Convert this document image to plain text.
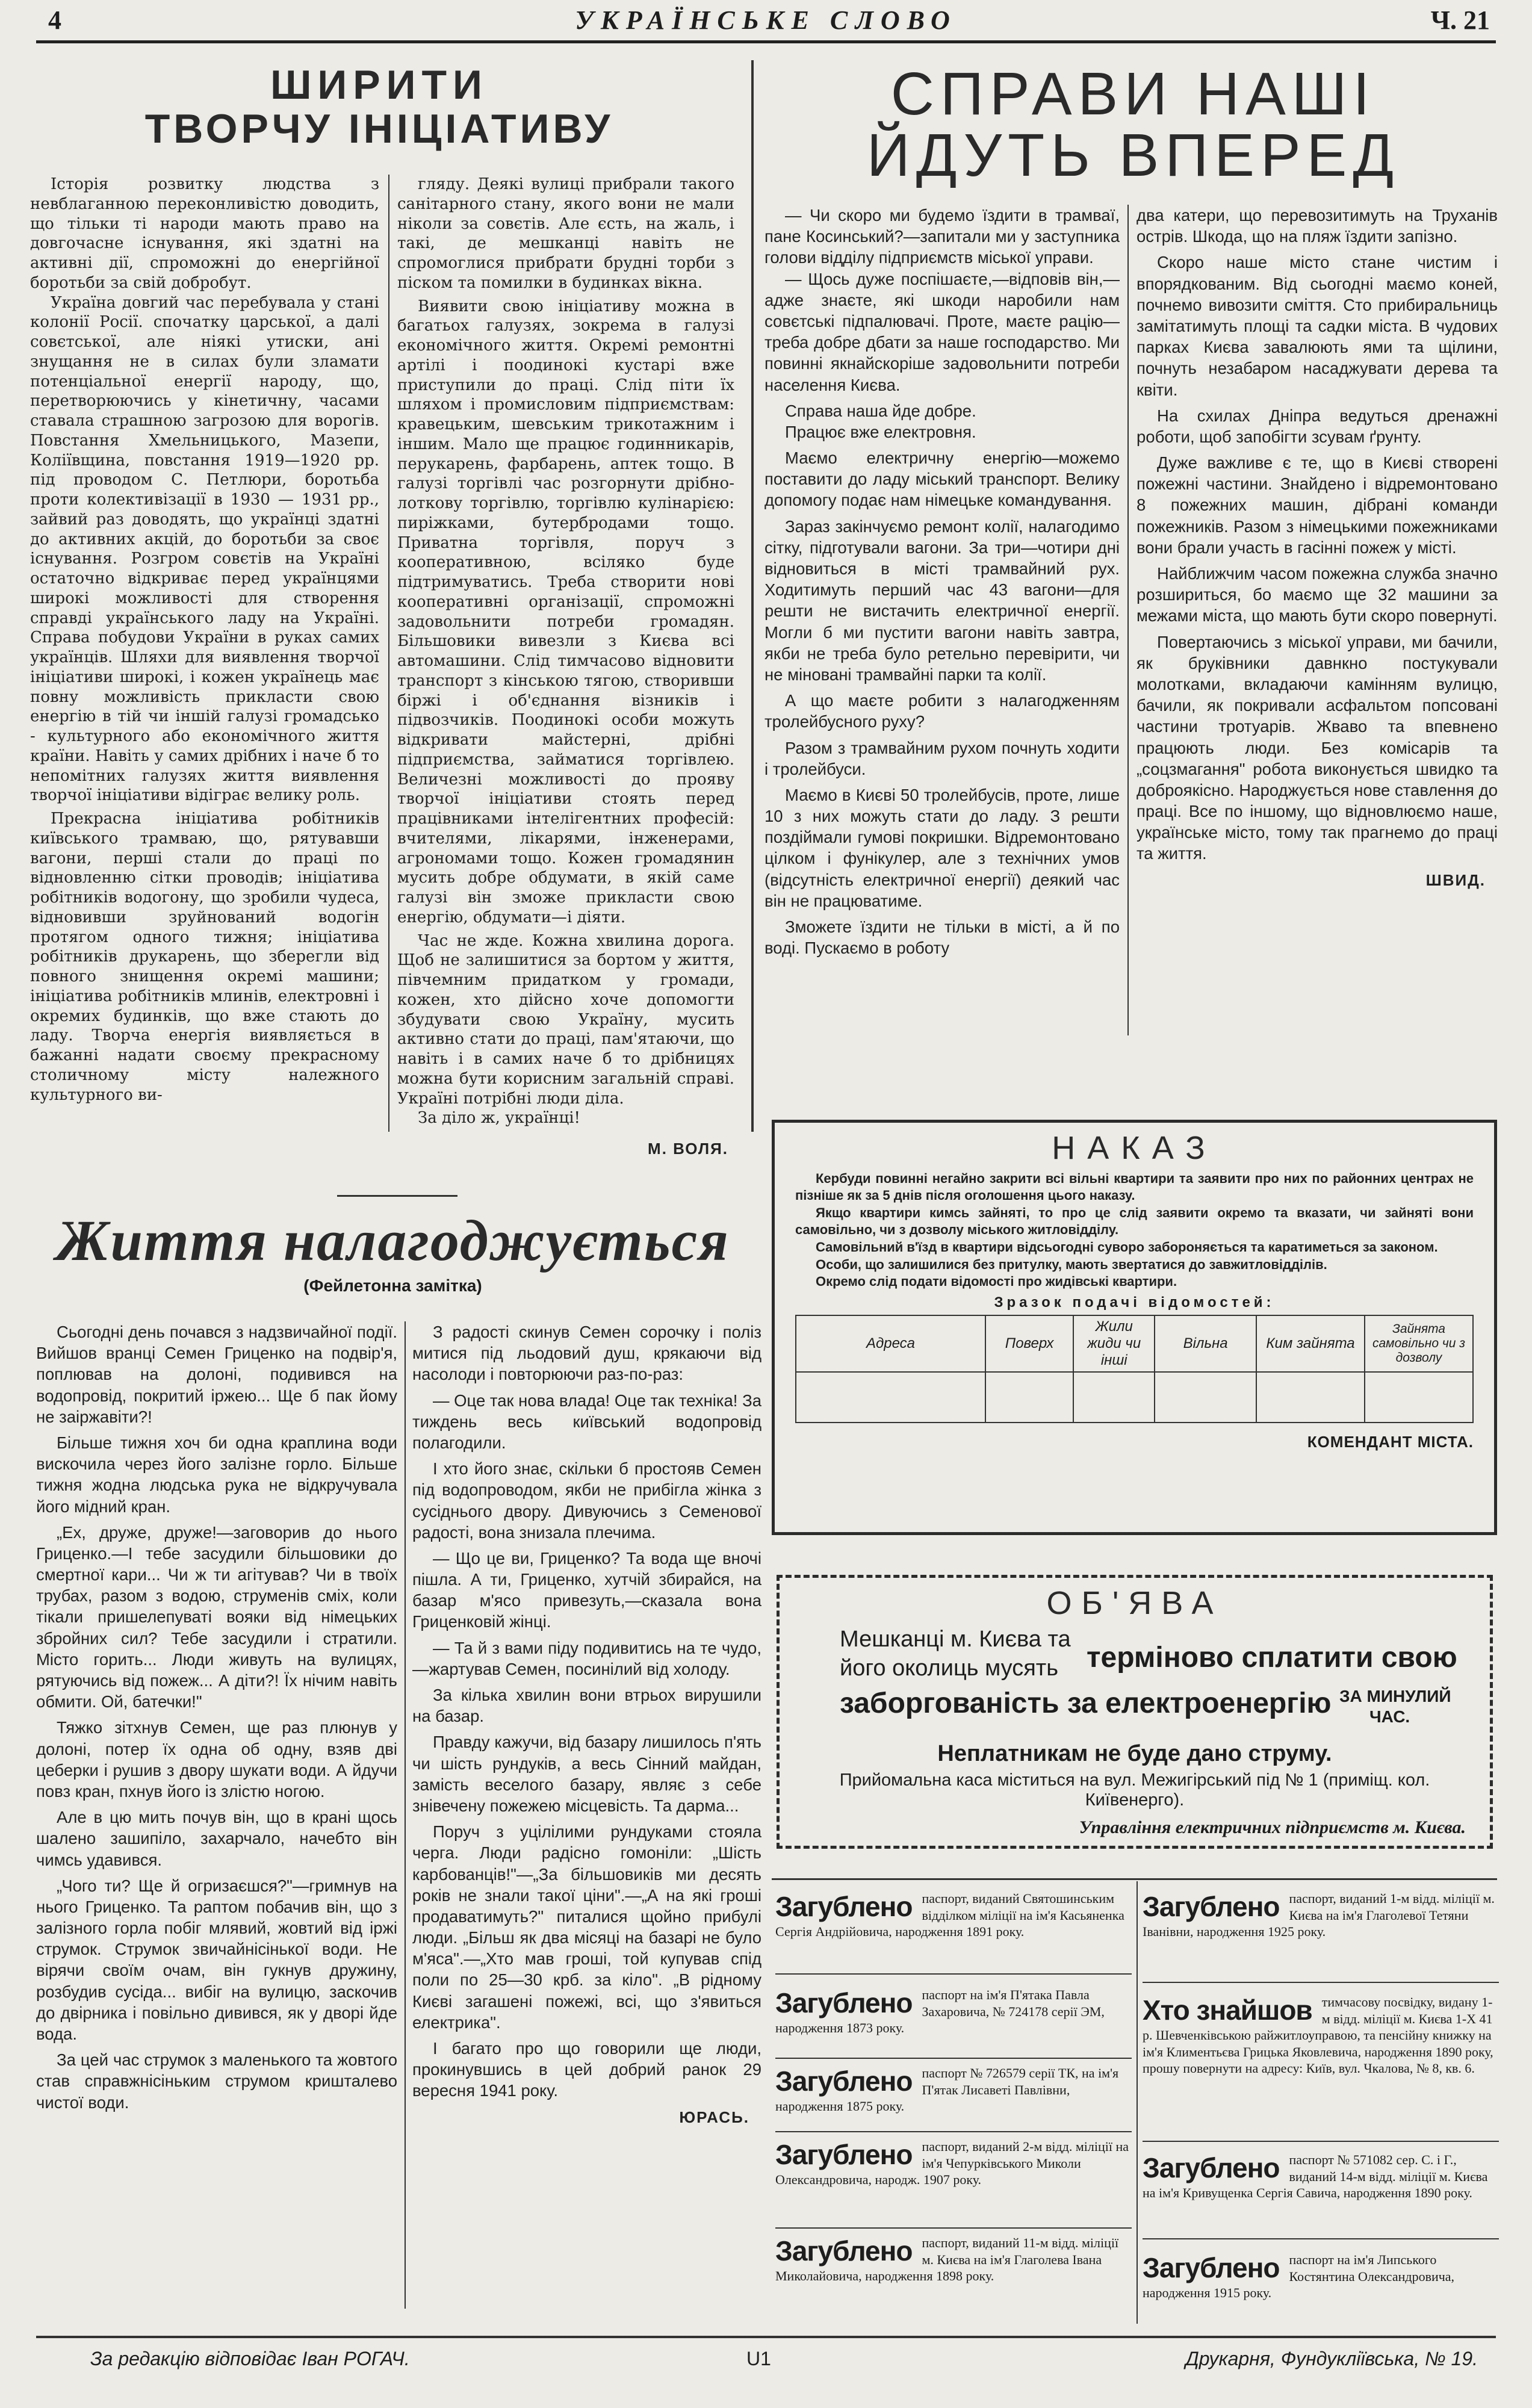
4	УКРАЇНСЬКЕ СЛОВО	Ч. 21
ШИРИТИ
ТВОРЧУ ІНІЦІАТИВУ

Історія розвитку людства з невблаганною переконливістю доводить, що тільки ті народи мають право на довгочасне існування, які здатні на активні дії, спроможні до енергійної боротьби за свій добробут.

Україна довгий час перебувала у стані колонії Росії. спочатку царської, а далі совєтської, але ніякі утиски, ані знущання не в силах були зламати потенціальної енергії народу, що, перетворюючись у кінетичну, часами ставала страшною загрозою для ворогів. Повстання Хмельницького, Мазепи, Коліївщина, повстання 1919—1920 рр. під проводом С. Петлюри, боротьба проти колективізації в 1930 — 1931 рр., зайвий раз доводять, що українці здатні до активних акцій, до боротьби за своє існування. Розгром совєтів на Україні остаточно відкриває перед українцями широкі можливості для створення справді українського ладу на Україні. Справа побудови України в руках самих українців. Шляхи для виявлення творчої ініціативи широкі, і кожен українець має повну можливість прикласти свою енергію в тій чи іншій галузі громадсько - культурного або економічного життя країни. Навіть у самих дрібних і наче б то непомітних галузях життя виявлення творчої ініціативи відіграє велику роль.

Прекрасна ініціатива робітників київського трамваю, що, рятувавши вагони, перші стали до праці по відновленню сітки проводів; ініціатива робітників водогону, що зробили чудеса, відновивши зруйнований водогін протягом одного тижня; ініціатива робітників друкарень, що зберегли від повного знищення окремі машини; ініціатива робітників млинів, електровні і окремих будинків, що вже стають до ладу. Творча енергія виявляється в бажанні надати своєму прекрасному столичному місту належного культурного ви-

гляду. Деякі вулиці прибрали такого санітарного стану, якого вони не мали ніколи за совєтів. Але єсть, на жаль, і такі, де мешканці навіть не спромоглися прибрати брудні торби з піском та помилки в будинках вікна.

Виявити свою ініціативу можна в багатьох галузях, зокрема в галузі економічного життя. Окремі ремонтні артілі і поодинокі кустарі вже приступили до праці. Слід піти їх шляхом і промисловим підприємствам: кравецьким, шевським трикотажним і іншим. Мало ще працює годинникарів, перукарень, фарбарень, аптек тощо. В галузі торгівлі час розгорнути дрібно-лоткову торгівлю, торгівлю кулінарією: пиріжками, бутербродами тощо. Приватна торгівля, поруч з кооперативною, всіляко буде підтримуватись. Треба створити нові кооперативні організації, спроможні задовольнити потреби громадян. Більшовики вивезли з Києва всі автомашини. Слід тимчасово відновити транспорт з кінською тягою, створивши біржі і об'єднання візників і підвозчиків. Поодинокі особи можуть відкривати майстерні, дрібні підприємства, займатися торгівлею. Величезні можливості до прояву творчої ініціативи стоять перед працівниками інтелігентних професій: вчителями, лікарями, інженерами, агрономами тощо. Кожен громадянин мусить добре обдумати, в якій саме галузі він зможе прикласти свою енергію, обдумати—і діяти.

Час не жде. Кожна хвилина дорога. Щоб не залишитися за бортом у життя, півчемним придатком у громади, кожен, хто дійсно хоче допомогти збудувати свою Україну, мусить активно стати до праці, пам'ятаючи, що навіть і в самих наче б то дрібницях можна бути корисним загальній справі. Україні потрібні люди діла.

За діло ж, українці!

М. ВОЛЯ.
СПРАВИ НАШІ
ЙДУТЬ ВПЕРЕД

— Чи скоро ми будемо їздити в трамваї, пане Косинський?—запитали ми у заступника голови відділу підприємств міської управи.

— Щось дуже поспішаєте,—відповів він,—адже знаєте, які шкоди наробили нам совєтські підпалювачі. Проте, маєте рацію—треба добре дбати за наше господарство. Ми повинні якнайскоріше задовольнити потреби населення Києва.

Справа наша йде добре.

Працює вже електровня.

Маємо електричну енергію—можемо поставити до ладу міський транспорт. Велику допомогу подає нам німецьке командування.

Зараз закінчуємо ремонт колії, налагодимо сітку, підготували вагони. За три—чотири дні відновиться в місті трамвайний рух. Ходитимуть перший час 43 вагони—для решти не вистачить електричної енергії. Могли б ми пустити вагони навіть завтра, якби не треба було ретельно перевірити, чи не міновані трамвайні парки та колії.

А що маєте робити з налагодженням тролейбусного руху?

Разом з трамвайним рухом почнуть ходити і тролейбуси.

Маємо в Києві 50 тролейбусів, проте, лише 10 з них можуть стати до ладу. З решти поздіймали гумові покришки. Відремонтовано цілком і фунікулер, але з технічних умов (відсутність електричної енергії) деякий час він не працюватиме.

Зможете їздити не тільки в місті, а й по воді. Пускаємо в роботу

два катери, що перевозитимуть на Труханів острів. Шкода, що на пляж їздити запізно.

Скоро наше місто стане чистим і впорядкованим. Від сьогодні маємо коней, почнемо вивозити сміття. Сто прибиральниць замітатимуть площі та садки міста. В чудових парках Києва завалюють ями та щілини, почнуть незабаром насаджувати дерева та квіти.

На схилах Дніпра ведуться дренажні роботи, щоб запобігти зсувам ґрунту.

Дуже важливе є те, що в Києві створені пожежні частини. Знайдено і відремонтовано 8 пожежних машин, дібрані команди пожежників. Разом з німецькими пожежниками вони брали участь в гасінні пожеж у місті.

Найближчим часом пожежна служба значно розшириться, бо маємо ще 32 машини за межами міста, що мають бути скоро повернуті.

Повертаючись з міської управи, ми бачили, як бруківники давнкно постукували молотками, вкладаючи камінням вулицю, бачили, як покривали асфальтом попсовані частини тротуарів. Жваво та впевнено працюють люди. Без комісарів та „соцзмагання" робота виконується швидко та доброякісно. Народжується нове ставлення до праці. Все по іншому, що відновлюємо наше, українське місто, тому так прагнемо до праці та життя.

ШВИД.
НАКАЗ

Кербуди повинні негайно закрити всі вільні квартири та заявити про них по районних центрах не пізніше як за 5 днів після оголошення цього наказу.

Якщо квартири кимсь зайняті, то про це слід заявити окремо та вказати, чи зайняті вони самовільно, чи з дозволу міського житловідділу.

Самовільний в'їзд в квартири відсьогодні суворо забороняється та каратиметься за законом.

Особи, що залишилися без притулку, мають звертатися до завжитловідділів.

Окремо слід подати відомості про жидівські квартири.

Зразок подачі відомостей:
Адреса	Поверх	Жили жиди чи інші	Вільна	Ким зайнята	Зайнята самовільно чи з дозволу

КОМЕНДАНТ МІСТА.
ОБ'ЯВА
Мешканці м. Києва та
його околиць мусять терміново сплатити свою
заборгованість за електроенергію ЗА МИНУЛИЙ
ЧАС.
Неплатникам не буде дано струму.
Прийомальна каса міститься на вул. Межигірський під № 1 (приміщ. кол. Київенерго).
Управління електричних підприємств м. Києва.
Загублено паспорт, виданий Святошинським відділком міліції на ім'я Касьяненка Сергія Андрійовича, народження 1891 року.
Загублено паспорт на ім'я П'ятака Павла Захаровича, № 724178 серії ЭМ, народження 1873 року.
Загублено паспорт № 726579 серії ТК, на ім'я П'ятак Лисаветі Павлівни, народження 1875 року.
Загублено паспорт, виданий 2-м відд. міліції на ім'я Чепурківського Миколи Олександровича, народж. 1907 року.
Загублено паспорт, виданий 11-м відд. міліції м. Києва на ім'я Глаголева Івана Миколайовича, народження 1898 року.
Загублено паспорт, виданий 1-м відд. міліції м. Києва на ім'я Глаголевої Тетяни Іванівни, народження 1925 року.
Хто знайшов тимчасову посвідку, видану 1-м відд. міліції м. Києва 1-Х 41 р. Шевченківською райжитлоуправою, та пенсійну книжку на ім'я Климентьєва Грицька Яковлевича, народження 1890 року, прошу повернути на адресу: Київ, вул. Чкалова, № 8, кв. 6.
Загублено паспорт № 571082 сер. С. і Г., виданий 14-м відд. міліції м. Києва на ім'я Кривущенка Сергія Савича, народження 1890 року.
Загублено паспорт на ім'я Липського Костянтина Олександровича, народження 1915 року.
Життя налагоджується
(Фейлетонна замітка)

Сьогодні день почався з надзвичайної події. Вийшов вранці Семен Гриценко на подвір'я, поплював на долоні, подивився на водопровід, покритий іржею... Ще б пак йому не заіржавіти?!

Більше тижня хоч би одна краплина води вискочила через його залізне горло. Більше тижня жодна людська рука не відкручувала його мідний кран.

„Ех, друже, друже!—заговорив до нього Гриценко.—І тебе засудили більшовики до смертної кари... Чи ж ти агітував? Чи в твоїх трубах, разом з водою, струменів сміх, коли тікали пришелепуваті вояки від німецьких збройних сил? Тебе засудили і стратили. Місто горить... Люди живуть на вулицях, рятуючись від пожеж... А діти?! Їх нічим навіть обмити. Ой, батечки!"

Тяжко зітхнув Семен, ще раз плюнув у долоні, потер їх одна об одну, взяв дві цеберки і рушив з двору шукати води. А йдучи повз кран, пхнув його із злістю ногою.

Але в цю мить почув він, що в крані щось шалено зашипіло, захарчало, начебто він чимсь удавився.

„Чого ти? Ще й огризаєшся?"—гримнув на нього Гриценко. Та раптом побачив він, що з залізного горла побіг млявий, жовтий від іржі струмок. Струмок звичайнісінької води. Не вірячи своїм очам, він гукнув дружину, розбудив сусіда... вибіг на вулицю, заскочив до двірника і повільно дивився, як у дворі йде вода.

За цей час струмок з маленького та жовтого став справжнісіньким струмом кришталево чистої води.

З радості скинув Семен сорочку і поліз митися під льодовий душ, крякаючи від насолоди і повторюючи раз-по-раз:

— Оце так нова влада! Оце так техніка! За тиждень весь київський водопровід полагодили.

І хто його знає, скільки б простояв Семен під водопроводом, якби не прибігла жінка з сусіднього двору. Дивуючись з Семенової радості, вона знизала плечима.

— Що це ви, Гриценко? Та вода ще вночі пішла. А ти, Гриценко, хутчій збирайся, на базар м'ясо привезуть,—сказала вона Гриценковій жінці.

— Та й з вами піду подивитись на те чудо,—жартував Семен, посинілий від холоду.

За кілька хвилин вони втрьох вирушили на базар.

Правду кажучи, від базару лишилось п'ять чи шість рундуків, а весь Сінний майдан, замість веселого базару, являє з себе знівечену пожежею місцевість. Та дарма...

Поруч з уцілілими рундуками стояла черга. Люди радісно гомоніли: „Шість карбованців!"—„За більшовиків ми десять років не знали такої ціни".—„А на які гроші продаватимуть?" питалися щойно прибулі люди. „Більш як два місяці на базарі не було м'яса".—„Хто мав гроші, той купував спід поли по 25—30 крб. за кіло". „В рідному Києві загашені пожежі, всі, що з'явиться електрика".

І багато про що говорили ще люди, прокинувшись в цей добрий ранок 29 вересня 1941 року.

ЮРАСЬ.
За редакцію відповідає Іван РОГАЧ.	U1	Друкарня, Фундукліївська, № 19.
